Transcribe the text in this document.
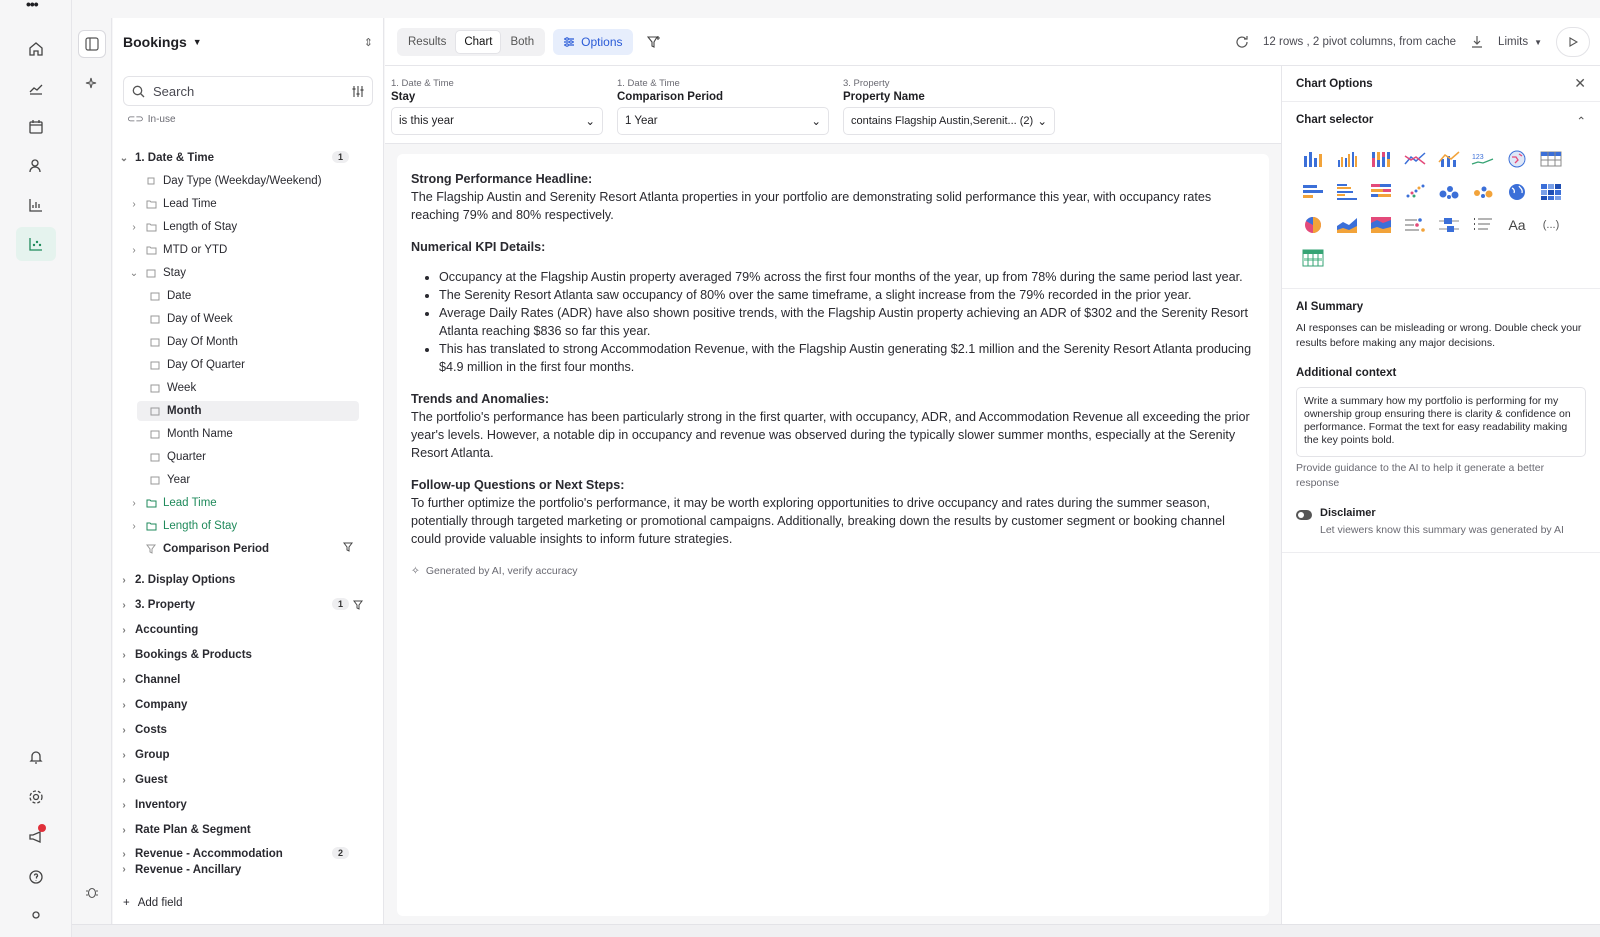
•••
Bookings ▼	⇕
Search
⊂⊃ In-use
⌄ 1. Date & Time	1
Day Type (Weekday/Weekend)
› Lead Time
› Length of Stay
› MTD or YTD
⌄ Stay
Date
Day of Week
Day Of Month
Day Of Quarter
Week
Month
Month Name
Quarter
Year
› Lead Time
› Length of Stay
Comparison Period
› 2. Display Options
› 3. Property	1
› Accounting
› Bookings & Products
› Channel
› Company
› Costs
› Group
› Guest
› Inventory
› Rate Plan & Segment
› Revenue - Accommodation	2
› Revenue - Ancillary
+ Add field
Results	Chart	Both	Options	12 rows , 2 pivot columns, from cache	Limits ▼
1. Date & Time
Stay
is this year	⌄
1. Date & Time
Comparison Period
1 Year	⌄
3. Property
Property Name
contains Flagship Austin,Serenit... (2) ⌄
Strong Performance Headline:

The Flagship Austin and Serenity Resort Atlanta properties in your portfolio are demonstrating solid performance this year, with occupancy rates reaching 79% and 80% respectively.

Numerical KPI Details:
• Occupancy at the Flagship Austin property averaged 79% across the first four months of the year, up from 78% during the same period last year.
• The Serenity Resort Atlanta saw occupancy of 80% over the same timeframe, a slight increase from the 79% recorded in the prior year.
• Average Daily Rates (ADR) have also shown positive trends, with the Flagship Austin property achieving an ADR of $302 and the Serenity Resort Atlanta reaching $836 so far this year.
• This has translated to strong Accommodation Revenue, with the Flagship Austin generating $2.1 million and the Serenity Resort Atlanta producing $4.9 million in the first four months.
Trends and Anomalies:

The portfolio's performance has been particularly strong in the first quarter, with occupancy, ADR, and Accommodation Revenue all exceeding the prior year's levels. However, a notable dip in occupancy and revenue was observed during the typically slower summer months, especially at the Serenity Resort Atlanta.

Follow-up Questions or Next Steps:

To further optimize the portfolio's performance, it may be worth exploring opportunities to drive occupancy and rates during the summer season, potentially through targeted marketing or promotional campaigns. Additionally, breaking down the results by customer segment or booking channel could provide valuable insights to inform future strategies.

✧ Generated by AI, verify accuracy
Chart Options	✕
Chart selector	⌃
123
Aa (...)
AI Summary

AI responses can be misleading or wrong. Double check your results before making any major decisions.

Additional context
Write a summary how my portfolio is performing for my ownership group ensuring there is clarity & confidence on performance. Format the text for easy readability making the key points bold.

Provide guidance to the AI to help it generate a better response

Disclaimer
Let viewers know this summary was generated by AI
